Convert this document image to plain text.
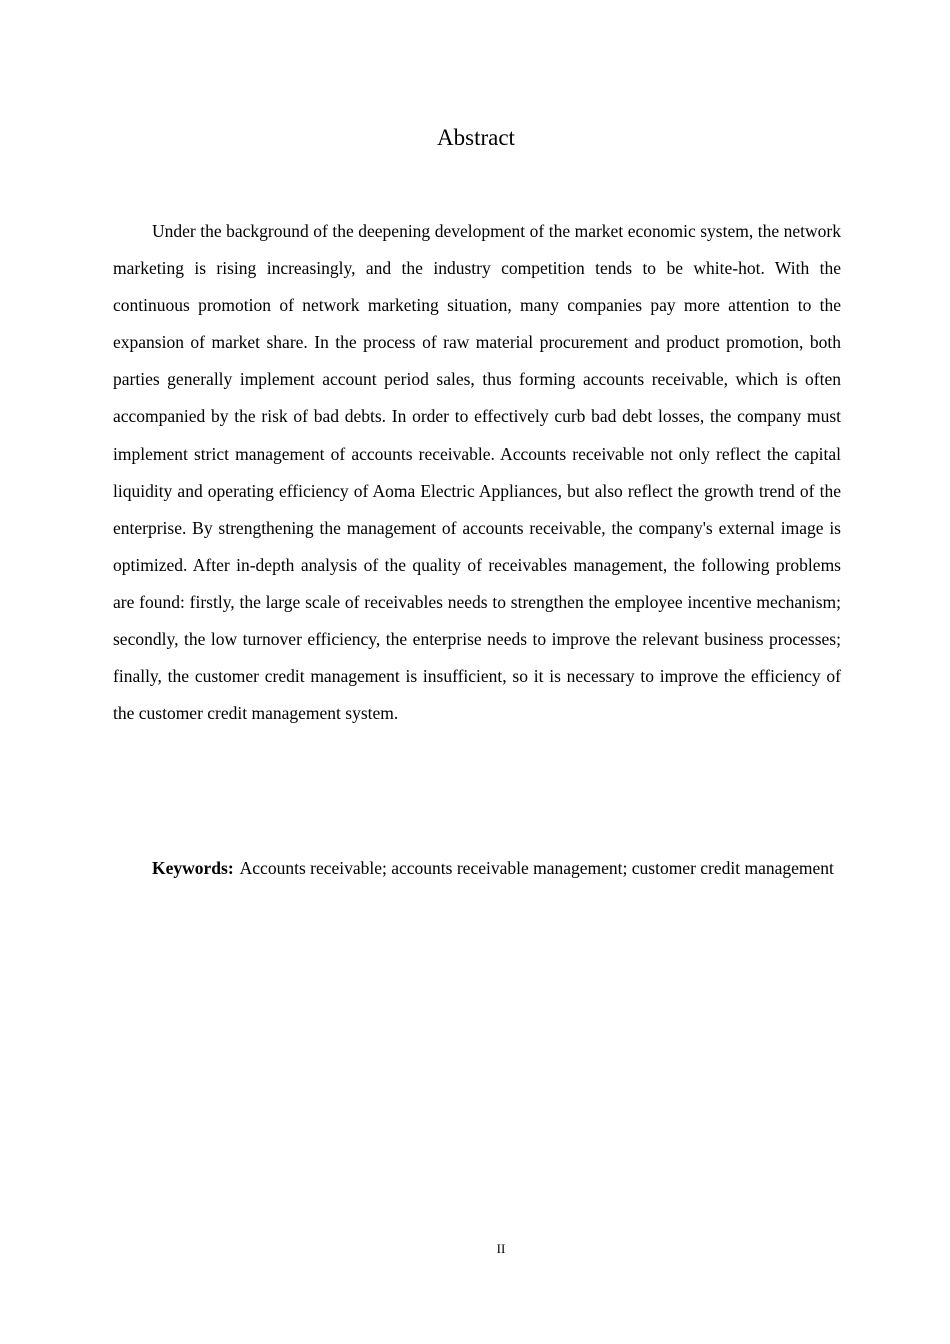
Abstract

Under the background of the deepening development of the market economic system, the network marketing is rising increasingly, and the industry competition tends to be white-hot. With the continuous promotion of network marketing situation, many companies pay more attention to the expansion of market share. In the process of raw material procurement and product promotion, both parties generally implement account period sales, thus forming accounts receivable, which is often accompanied by the risk of bad debts. In order to effectively curb bad debt losses, the company must implement strict management of accounts receivable. Accounts receivable not only reflect the capital liquidity and operating efficiency of Aoma Electric Appliances, but also reflect the growth trend of the enterprise. By strengthening the management of accounts receivable, the company's external image is optimized. After in-depth analysis of the quality of receivables management, the following problems are found: firstly, the large scale of receivables needs to strengthen the employee incentive mechanism; secondly, the low turnover efficiency, the enterprise needs to improve the relevant business processes; finally, the customer credit management is insufficient, so it is necessary to improve the efficiency of the customer credit management system.

Keywords: Accounts receivable; accounts receivable management; customer credit management
II
